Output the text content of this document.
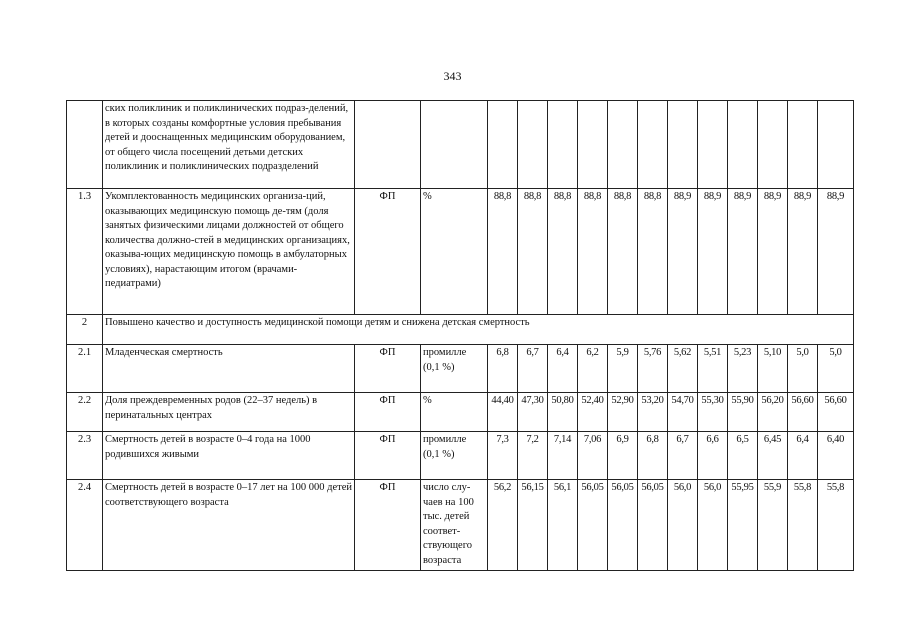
343
	ских поликлиник и поликлинических подраз-делений, в которых созданы комфортные условия пребывания детей и дооснащенных медицинским оборудованием, от общего числа посещений детьми детских поликлиник и поликлинических подразделений														
1.3	Укомплектованность медицинских организа-ций, оказывающих медицинскую помощь де-тям (доля занятых физическими лицами должностей от общего количества должно-стей в медицинских организациях, оказыва-ющих медицинскую помощь в амбулаторных условиях), нарастающим итогом (врачами-педиатрами)	ФП	%	88,8	88,8	88,8	88,8	88,8	88,8	88,9	88,9	88,9	88,9	88,9	88,9
2	Повышено качество и доступность медицинской помощи детям и снижена детская смертность														
2.1	Младенческая смертность	ФП	промилле (0,1 %)	6,8	6,7	6,4	6,2	5,9	5,76	5,62	5,51	5,23	5,10	5,0	5,0
2.2	Доля преждевременных родов (22–37 недель) в перинатальных центрах	ФП	%	44,40	47,30	50,80	52,40	52,90	53,20	54,70	55,30	55,90	56,20	56,60	56,60
2.3	Смертность детей в возрасте 0–4 года на 1000 родившихся живыми	ФП	промилле (0,1 %)	7,3	7,2	7,14	7,06	6,9	6,8	6,7	6,6	6,5	6,45	6,4	6,40
2.4	Смертность детей в возрасте 0–17 лет на 100 000 детей соответствующего возраста	ФП	число слу-чаев на 100 тыс. детей соответ-ствующего возраста	56,2	56,15	56,1	56,05	56,05	56,05	56,0	56,0	55,95	55,9	55,8	55,8
